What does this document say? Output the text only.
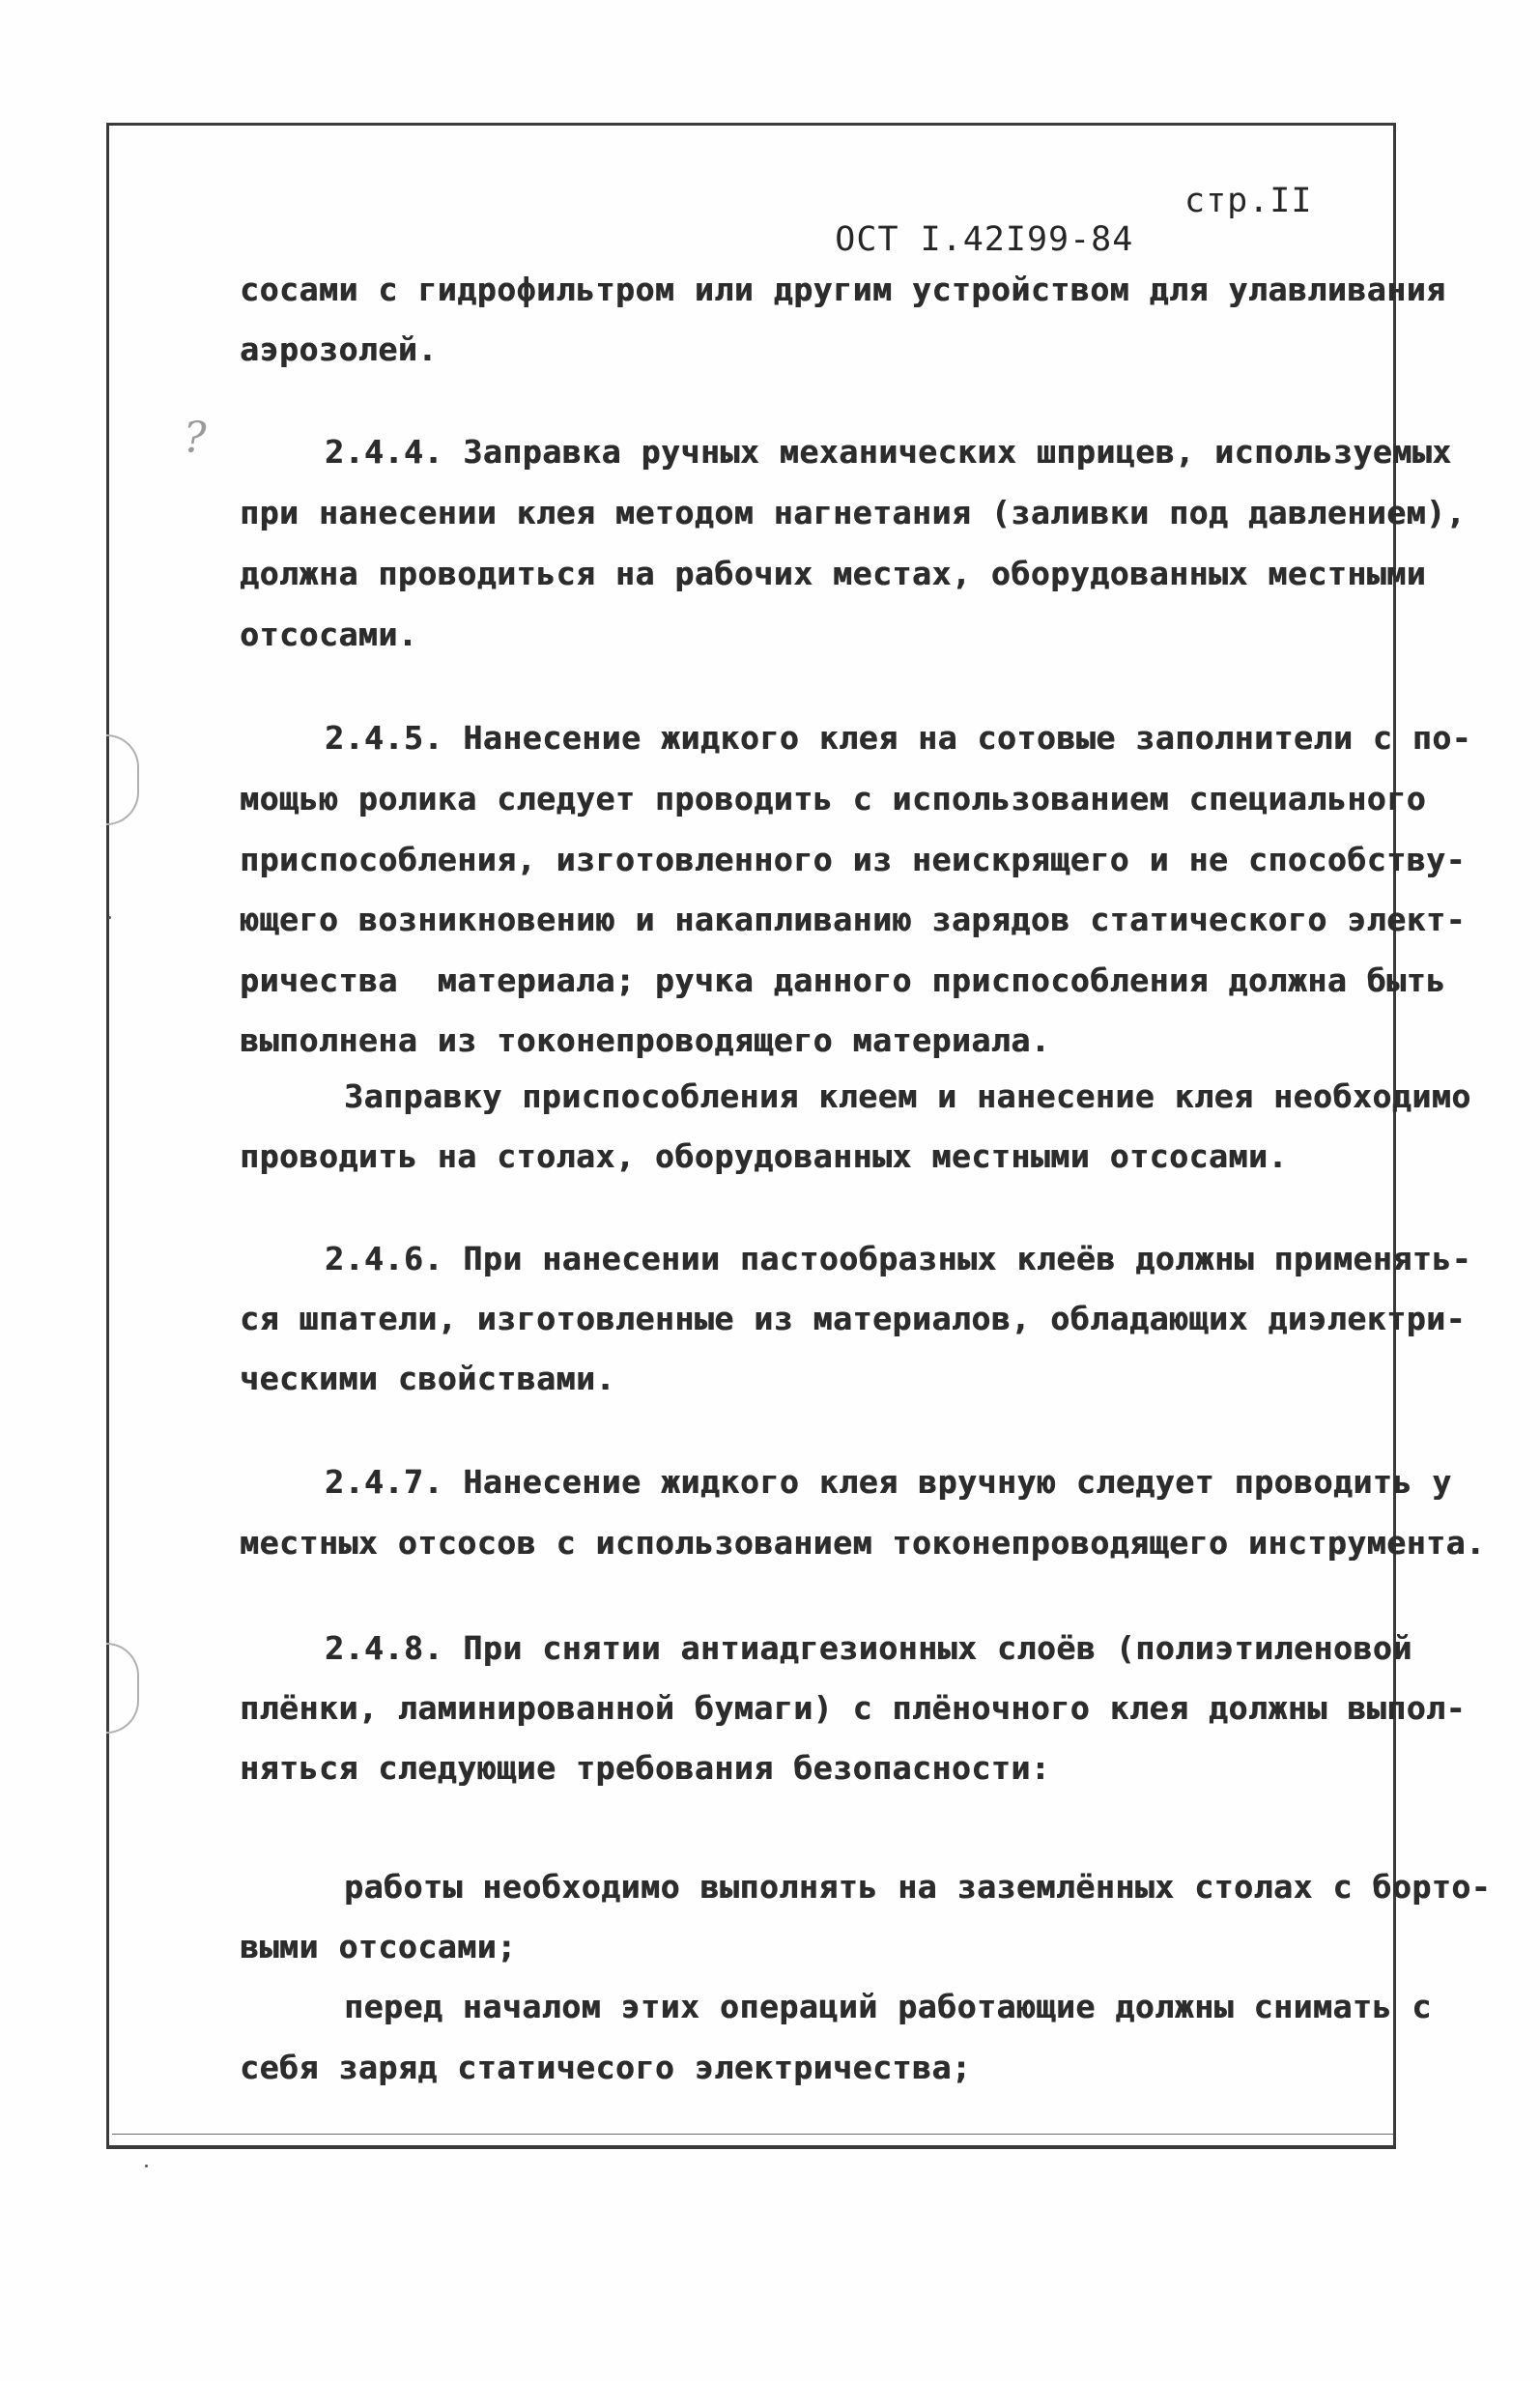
?

ОСТ I.42I99-84

стр.II

сосами с гидрофильтром или другим устройством для улавливания
аэрозолей.
2.4.4. Заправка ручных механических шприцев, используемых
при нанесении клея методом нагнетания (заливки под давлением),
должна проводиться на рабочих местах, оборудованных местными
отсосами.
2.4.5. Нанесение жидкого клея на сотовые заполнители с по-
мощью ролика следует проводить с использованием специального
приспособления, изготовленного из неискрящего и не способству-
ющего возникновению и накапливанию зарядов статического элект-
ричества  материала; ручка данного приспособления должна быть
выполнена из токонепроводящего материала.
Заправку приспособления клеем и нанесение клея необходимо
проводить на столах, оборудованных местными отсосами.
2.4.6. При нанесении пастообразных клеёв должны применять-
ся шпатели, изготовленные из материалов, обладающих диэлектри-
ческими свойствами.
2.4.7. Нанесение жидкого клея вручную следует проводить у
местных отсосов с использованием токонепроводящего инструмента.
2.4.8. При снятии антиадгезионных слоёв (полиэтиленовой
плёнки, ламинированной бумаги) с плёночного клея должны выпол-
няться следующие требования безопасности:
работы необходимо выполнять на заземлённых столах с борто-
выми отсосами;
перед началом этих операций работающие должны снимать с
себя заряд статичесого электричества;
